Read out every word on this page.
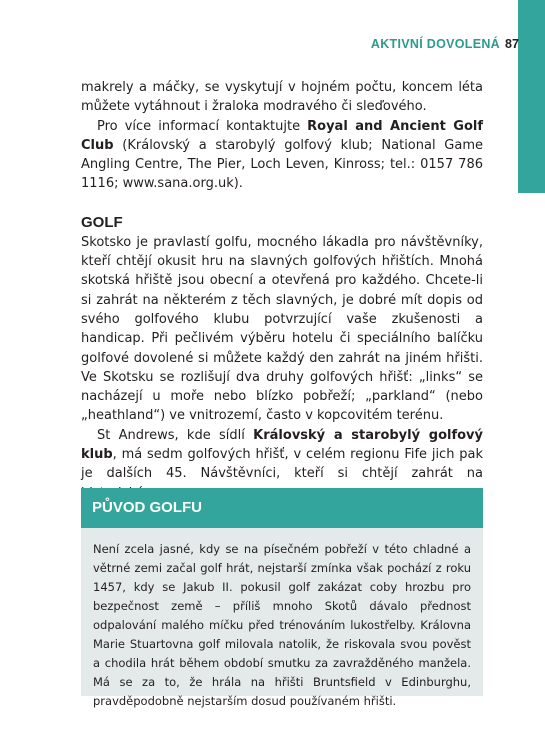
AKTIVNÍ DOVOLENÁ 87

makrely a máčky, se vyskytují v hojném počtu, koncem léta můžete vytáhnout i žraloka modravého či sleďového.

Pro více informací kontaktujte Royal and Ancient Golf Club (Královský a starobylý golfový klub; National Game Angling Centre, The Pier, Loch Leven, Kinross; tel.: 0157 786 1116; www.sana.org.uk).

GOLF

Skotsko je pravlastí golfu, mocného lákadla pro návštěvníky, kteří chtějí okusit hru na slavných golfových hřištích. Mnohá skotská hřiště jsou obecní a otevřená pro každého. Chcete-li si zahrát na některém z těch slavných, je dobré mít dopis od svého golfového klubu potvrzující vaše zkušenosti a handicap. Při pečlivém výběru hotelu či speciálního balíčku golfové dovolené si můžete každý den zahrát na jiném hřišti. Ve Skotsku se rozlišují dva druhy golfových hřišť: „links“ se nacházejí u moře nebo blízko pobřeží; „parkland“ (nebo „heathland“) ve vnitrozemí, často v kopcovitém terénu.

St Andrews, kde sídlí Královský a starobylý golfový klub, má sedm golfových hřišť, v celém regionu Fife jich pak je dalších 45. Návštěvníci, kteří si chtějí zahrát na

PŮVOD GOLFU

Není zcela jasné, kdy se na písečném pobřeží v této chladné a větrné zemi začal golf hrát, nejstarší zmínka však pochází z roku 1457, kdy se Jakub II. pokusil golf zakázat coby hrozbu pro bezpečnost země – příliš mnoho Skotů dávalo přednost odpalování malého míčku před trénováním lukostřelby. Královna Marie Stuartovna golf milovala natolik, že riskovala svou pověst a chodila hrát během období smutku za zavražděného manžela. Má se za to, že hrála na hřišti Bruntsfield v Edinburghu, pravděpodobně nejstarším dosud používaném hřišti.
